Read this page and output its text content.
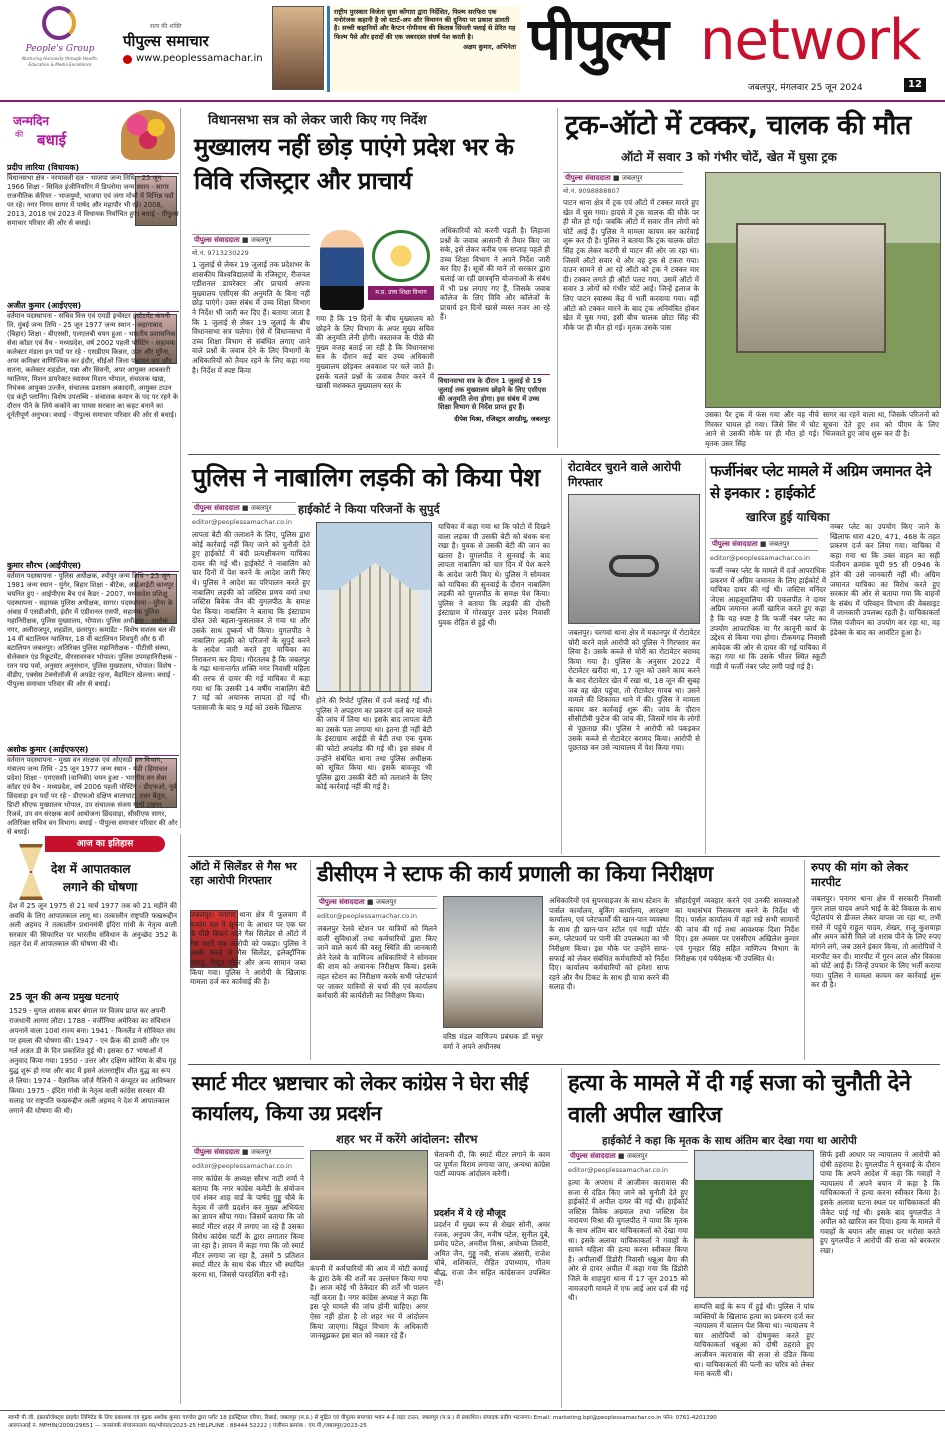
People's Group
Nurturing Humanity through Health, Education & Media Excellence
सत्य की शक्ति
पीपुल्स समाचार
www.peoplessamachar.in
राष्ट्रीय पुरस्कार विजेता सुधा कोंगारा द्वारा निर्देशित, फिल्म सरफिरा एक मनोरंजक कहानी है जो स्टार्ट-अप और विमानन की दुनिया पर प्रकाश डालती है। सच्ची कहानियों और कैप्टन गोपीनाथ की किताब सिंपली फ्लाई से प्रेरित यह फिल्म पैसे और इरादों की एक जबरदस्त संघर्ष पेश करती है।
अक्षय कुमार, अभिनेता पीपुल्स network
जबलपुर, मंगलवार 25 जून 2024	12
जन्मदिन
की बधाई
प्रदीप लारिया (विधायक)
विधानसभा क्षेत्र - नरयावली दल - भाजपा जन्म तिथि - 25 जून 1966 शिक्षा - सिविल इंजीनियरिंग में डिप्लोमा जन्म स्थान - सागर राजनीतिक कॅरियर - भाजयुमो, भाजपा एवं जंगा मोर्चा में विभिन्न पदों पर रहे। नगर निगम सागर में पार्षद और महापौर भी रहे। 2008, 2013, 2018 एवं 2023 में विधायक निर्वाचित हुए। बधाई - पीपुल्स समाचार परिवार की ओर से बधाई।
अजीत कुमार (आईएएस)
वर्तमान पदस्थापना - सचिव वित्त एवं एमडी इन्वेस्टर इंस्टेटमेंट कंपनी लि. मुंबई जन्म तिथि - 25 जून 1977 जन्म स्थान - जहानाबाद (बिहार) शिक्षा - बीएससी, एलएलबी चयन हुआ - भारतीय प्रशासनिक सेवा कॉडर एवं वैच - मध्यप्रदेश, वर्ष 2002 पहली पोस्टिंग - सहायक कलेक्टर मंडला इन पदों पर रहे - एसडीएम किन्नार, उपर और मुरैना, अपर कमिश्नर वाणिज्यिक कर इंदौर, सीईओ जिला पंचायत धार और सतना, कलेक्टर शहडोल, पन्ना और सिवनी, अपर आयुक्त आबकारी ग्वालियर, मिशन डायरेक्टर स्वास्थ्य मिशन भोपाल, संचालक खाद्य, नियंत्रक आयुक्त उज्जैन, संचालक प्रशासन अकादमी, आयुक्त टाउन एंड कंट्री प्लानिंग। विशेष उपलब्धि - संचालक कमान के पद पर रहने के दौरान पीने के लिये ककोने का पायस सरकार का कहट बनाने का दूर्नतीपूर्ण अनुभव। बधाई - पीपुल्स समाचार परिवार की ओर से बधाई।
कुमार सौरभ (आईपीएस)
वर्तमान पदस्थापना - पुलिस अधीक्षक, श्योपुर जन्म तिथि - 25 जून 1981 जन्म स्थान - मुंगेर, बिहार शिक्षा - बीटेक, आईआईटी कानपुर चयनित हुए - आईपीएस बैच एवं कैडर - 2007, मध्यप्रदेश प्रशिक्षु पदस्थापना - सहायक पुलिस अधीक्षक, सागर। पदस्थापना - मुरैना के अंबाह में एसडीओपी, इंदौर में एडीशनल एसपी, सहायक पुलिस महानिरीक्षक, पुलिस मुख्यालय, भोपाल। पुलिस अधीक्षक - अशोक नगर, अलीराजपुर, शहडोल, छतरपुर। कमांडेंट - विशेष सशस्त्र बल की 14 वीं बटालियन ग्वालियर, 18 वीं बटालियन शिवपुरी और 6 वीं बटालियन जबलपुर। अतिरिक्त पुलिस महानिरीक्षक - पीटीसी संस्था, सेलेक्शन एंड रिक्रूटमेंट, वीरसावरकर भोपाल। पुलिस उपमहानिरीक्षक - रतन पद्म पर्वा, अनुसार अनुसंधान, पुलिस मुख्यालय, भोपाल। विशेष - वीडीए, एक्सेस टेक्नोलॉजी से अपडेट रहना, बैडमिंटन खेलना। बधाई - पीपुल्स समाचार परिवार की ओर से बधाई।
अशोक कुमार (आईएफएस)
वर्तमान पदस्थापना - मुख्य वन संरक्षक एवं ओएसडी वन विभाग, मंत्रालय जन्म तिथि - 25 जून 1977 जन्म स्थान - मंडी (हिमाचल प्रदेश) शिक्षा - एमएससी (वानिकी) चयन हुआ - भारतीय वन सेवा कॉडर एवं वैच - मध्यप्रदेश, वर्ष 2006 पहली पोस्टिंग - डीएफओ, पूर्व छिंदवाड़ा इन पदों पर रहे - डीएफओ दक्षिण बालाघाट, उत्तर बैतूल, डिप्टी सीएफ मुख्यालय भोपाल, उप संचालक संजय गांधी टाइगर रिजर्व, उप वन संरक्षक कार्य आयोजना छिंदवाड़ा, सीसीएफ सागर, अतिरिक्त सचिव वन विभाग। बधाई - पीपुल्स समाचार परिवार की ओर से बधाई।
आज का इतिहास
देश में आपातकाल
लगाने की घोषणा
देश में 25 जून 1975 से 21 मार्च 1977 तक को 21 महीने की अवधि के लिए आपातकाल लागू था। तत्कालीन राष्ट्रपति फखरूद्दीन अली अहमद ने तत्कालीन प्रधानमंत्री इंदिरा गांधी के नेतृत्व वाली सरकार की सिफारिश पर भारतीय संविधान के अनुच्छेद 352 के तहत देश में आपातकाल की घोषणा की थी।
25 जून की अन्य प्रमुख घटनाएं
1529 - मुगल शासक बाबर बंगाल पर विजय प्राप्त कर अपनी राजधानी आगरा लौटा। 1788 - वर्जीनिया अमेरिका का संविधान अपनाने वाला 10वां राज्य बना। 1941 - फिनलैंड ने सोवियत संघ पर हमला की घोषणा की। 1947 - एन फ्रैंक की डायरी और एन गर्ल अज्ञत डी के दिन प्रकाशित हुई थी। इसका 67 भाषाओं में अनुवाद किया गया। 1950 - उत्तर और दक्षिण कोरिया के बीच गृह युद्ध शुरू हो गया और बाद में इसने अंतरराष्ट्रीय शीत युद्ध का रूप ले लिया। 1974 - वैज्ञानिक जॉर्ज गैलिनी ने कंप्यूटर का आविष्कार किया। 1975 - इंदिरा गांधी के नेतृत्व वाली कांग्रेस सरकार की सलाह पर राष्ट्रपति फखरूद्दीन अली अहमद ने देश में आपातकाल लगाने की घोषणा की थी।
विधानसभा सत्र को लेकर जारी किए गए निर्देश
मुख्यालय नहीं छोड़ पाएंगे प्रदेश भर के विवि रजिस्ट्रार और प्राचार्य
पीपुल्स संवाददाता ■ जबलपुर
मो.नं. 9713230229
म.प्र. उच्च शिक्षा विभाग
1 जुलाई से लेकर 19 जुलाई तक प्रदेशभर के शासकीय विश्वविद्यालयों के रजिस्ट्रार, रीजनल एडीशनल डायरेक्टर और प्राचार्य अपना मुख्यालय एसीएस की अनुमति के बिना नहीं छोड़ पाएंगे। उक्त संबंध में उच्च शिक्षा विभाग ने निर्देश भी जारी कर दिए हैं। बताया जाता है कि 1 जुलाई से लेकर 19 जुलाई के बीच विधानसभा सत्र चलेगा। ऐसे में विधानसभा में उच्च शिक्षा विभाग से संबंधित लगाए जाने वाले प्रश्नों के जवाब देने के लिए विभागों के अधिकारियों को तैयार रहने के लिए कहा गया है। निर्देश में स्पष्ट किया
गया है कि 19 दिनों के बीच मुख्यालय को छोड़ने के लिए विभाग के अपर मुख्य सचिव की अनुमति लेनी होगी। वस्तावज के पीछे की मुख्य वजह बताई जा रही है कि विधानसभा सत्र के दौरान कई बार उच्च अधिकारी मुख्यालय छोड़कर अवकाश पर चले जाते हैं। इसके चलते प्रश्नों के जवाब तैयार करने में खासी मशक्कत मुख्यालय स्तर के
अधिकारियों को करनी पड़ती है। लिहाजा प्रश्नों के जवाब आसानी से तैयार किए जा सके, इसे लेकर करीब एक सप्ताह पहले ही उच्च शिक्षा विभाग ने अपने निर्देश जारी कर दिए हैं। सूत्रों की मानें तो सरकार द्वारा चलाई जा रही छात्रवृत्ति योजनाओं के संबंध में भी प्रश्न लगाए गए हैं, जिसके जवाब कॉलेज के लिए विवि और कॉलेजों के प्राचार्य इन दिनों खासे व्यस्त नजर आ रहे हैं।
विधानसभा सत्र के दौरान 1 जुलाई से 19 जुलाई तक मुख्यालय छोड़ने के लिए एसीएस की अनुमति लेना होगा। इस संबंध में उच्च शिक्षा विभाग से निर्देश प्राप्त हुए हैं।
दीपेश मिश्रा, रजिस्ट्रार आरडीयू, जबलपुर
ट्रक-ऑटो में टक्कर, चालक की मौत
ऑटो में सवार 3 को गंभीर चोटें, खेत में घुसा ट्रक
पीपुल्स संवाददाता ■ जबलपुर
मो.नं. 9098888807
पाटन थाना क्षेत्र में ट्रक एवं ऑटो में टक्कर मारते हुए खेत में घुस गया। हादसे में ट्रक चालक की मौके पर ही मौत हो गई। जबकि ऑटो में सवार तीन लोगों को चोटें आई हैं। पुलिस ने मामला कायम कर कार्रवाई शुरू कर दी है। पुलिस ने बताया कि ट्रक चालक छोटा सिंह ट्रक लेकर कटंगी से पाटन की ओर जा रहा था। जिसमें ऑटो सवार थे और वह ट्रक से टकरा गया। दाउन सामने से आ रहे ऑटो को ट्रक ने टक्कर मार दी। टक्कर लगते ही ऑटो पलट गया, उसमें ऑटो में सवार 3 लोगों को गंभीर चोटें आईं। जिन्हें इलाज के लिए पाटन स्वास्थ्य केंद्र में भर्ती करवाया गया। वहीं ऑटो को टक्कर मारने के बाद ट्रक अनियंत्रित होकर खेत में घुस गया, इसी बीच चालक छोटा सिंह की मौके पर ही मौत हो गई। मृतक उसके पास
उसका पैर ट्रक में फंस गया और वह नीचे गिरकर घायल हो गया। जिसे सिर में चोट आने से उसकी मौके पर ही मौत हो गई। मृतक उसर सिंह
सागर का रहने वाला था, जिसके परिजनों को सूचना देते हुए शव को पीएम के लिए भिजवाते हुए जांच शुरू कर दी है।
पुलिस ने नाबालिग लड़की को किया पेश
हाईकोर्ट ने किया परिजनों के सुपुर्द
पीपुल्स संवाददाता ■ जबलपुर
editor@peoplessamachar.co.in
लापता बेटी की तलाशने के लिए, पुलिस द्वारा कोई कार्रवाई नहीं किए जाने को चुनौती देते हुए हाईकोर्ट में बंदी प्रत्यक्षीकरण याचिका दायर की गई थी। हाईकोर्ट ने नाबालिग को चार दिनों में पेश करने के आदेश जारी किए थे। पुलिस ने आदेश का परिपालन करते हुए नाबालिग लड़की को जस्टिस प्रणय वर्मा तथा जस्टिस बिवेक जैन की युगलपीठ के समक्ष पेश किया। नाबालिग ने बताया कि इंस्टाग्राम दोस्त उसे बहला-फुसलाकर ले गया था और उसके साथ दुष्कर्म भी किया। युगलपीठ ने नाबालिग लड़की को परिजनों के सुपुर्द करने के आदेश जारी करते हुए याचिका का निराकरण कर दिया। गौरतलब है कि जबलपुर के गढ़ा थानान्तर्गत शक्ति नगर निवासी महिला की तरफ से दायर की गई याचिका में कहा गया था कि उसकी 14 वर्षीय नाबालिग बेटी 7 मई को अचानक लापता हो गई थी। पतासाजी के बाद 9 मई को उसके खिलाफ
होने की रिपोर्ट पुलिस में दर्ज कराई गई थी। पुलिस ने अपहरण का प्रकरण दर्ज कर मामले की जांच में लिया था। इसके बाद लापता बेटी का उसके पता लगाया था। इतना ही नहीं बेटी के इंस्टाग्राम आईडी से बेटी तथा एक युवक की फोटो अपलोड की गई थी। इस संबंध में उन्होंने संबंधित थाना तथा पुलिस अधीक्षक को सूचित किया था। इसके बावजूद भी पुलिस द्वारा उसकी बेटी को तलाशने के लिए कोई कार्रवाई नहीं की गई है।
याचिका में कहा गया था कि फोटो में दिखने वाला लड़का पी उसकी बेटी को बंधक बना रखा है। युवक से उसकी बेटी की जान का खतरा है। युगलपीठ ने सुनवाई के बाद लापता नाबालिग को चार दिन में पेश करने के आदेश जारी किए थे। पुलिस ने सोमवार को याचिका की सुनवाई के दौरान नाबालिग लड़की को युगलपीठ के समक्ष पेश किया। पुलिस ने बताया कि लड़की की दोस्ती इंस्टाग्राम में गोरखपुर उत्तर प्रदेश निवासी युवक रोहित से हुई थी।
रोटावेटर चुराने वाले आरोपी गिरफ्तार
जबलपुर। चरगवां थाना क्षेत्र में मकानपुर में रोटावेटर चोरी करने वाले आरोपी को पुलिस ने गिरफ्तार कर लिया है। उसके कब्जे से चोरी का रोटावेटर बरामद किया गया है। पुलिस के अनुसार 2022 में रोटावेटर खरीदा था, 17 जून को उसने काम करने के बाद रोटावेटर खेत में रखा था, 18 जून की सुबह जब वह खेत पहुंचा, तो रोटावेटर गायब था। उसने मामले की शिकायत थाने में की। पुलिस ने मामला कायम कर कार्रवाई शुरू की। जांच के दौरान सीसीटीवी फुटेज की जांच की, जिसमें गांव के लोगों से पूछताछ की। पुलिस ने आरोपी को पकड़कर उसके कब्जे से रोटावेटर बरामद किया। आरोपी से पूछताछ कर उसे न्यायालय में पेश किया गया।
फर्जीनंबर प्लेट मामले में अग्रिम जमानत देने से इनकार : हाईकोर्ट
खारिज हुई याचिका
पीपुल्स संवाददाता ■ जबलपुर
editor@peoplessamachar.co.in
फर्जी नम्बर प्लेट के मामले में दर्ज आपराधिक प्रकरण में अग्रिम जमानत के लिए हाईकोर्ट में याचिका दायर की गई थी। जस्टिस मनिंदर जेएस आहलूवालिया की एकलपीठ ने दायर अग्रिम जमानत अर्जी खारिज करते हुए कहा है कि यह स्पष्ट है कि फर्जी नंबर प्लेट का उपयोग आपराधिक या गैर कानूनी कार्य के उद्देश्य से किया गया होगा। टीकमगढ़ निवासी आवेदक की ओर से दायर की गई याचिका में कहा गया था कि उसके भीतर स्थित स्कूटी गाड़ी में फर्जी नंबर प्लेट लगी पाई गई है।
नम्बर प्लेट का उपयोग किए जाने के खिलाफ धारा 420, 471, 468 के तहत प्रकरण दर्ज कर लिया गया। याचिका में कहा गया था कि उक्त वाहन का सही पंजीयन क्रमांक यूपी 95 सी 0946 के होने की उसे जानकारी नहीं थी। अग्रिम जमानत याचिका का विरोध करते हुए सरकार की ओर से बताया गया कि वाहनों के संबंध में परिवहन विभाग की वेबसाइट में जानकारी उपलब्ध रहती है। याचिकाकर्ता जिस पंजीयन का उपयोग कर रहा था, वह इंडेक्स के बाद का आवंटित हुआ है।
ऑटो में सिलेंडर से गैस भर रहा आरोपी गिरफ्तार
जबलपुर। पनागर थाना क्षेत्र में फूलवाग में बजरंग दल ने सूचना के आधार पर एक घर के पीछे बिकने वाले गैस सिलेंडर से ऑटो में गैस भरते एक आरोपी को पकड़ा। पुलिस ने उसके कब्जे से गैस सिलेंडर, इलेक्ट्रॉनिक तराजू, विद्युत मोटर और अन्य सामान जब्त किया गया। पुलिस ने आरोपी के खिलाफ मामला दर्ज कर कार्रवाई की है।
डीसीएम ने स्टाफ की कार्य प्रणाली का किया निरीक्षण
पीपुल्स संवाददाता ■ जबलपुर
editor@peoplessamachar.co.in
जबलपुर रेलवे स्टेशन पर यात्रियों को मिलने वाली सुविधाओं तथा कर्मचारियों द्वारा किए जाने वाले कार्य की वस्तु स्थिति की जानकारी लेने रेलवे के वाणिज्य अधिकारियों ने सोमवार की शाम को अचानक निरीक्षण किया। इसके तहत स्टेशन का निरीक्षण करके सभी प्लेटफार्म पर जाकर यात्रियों से चर्चा की एवं कार्यालय कर्मचारी की कार्यशैली का निरीक्षण किया।
वरिष्ठ मंडल वाणिज्य प्रबंधक डॉ मधुर वर्मा ने अपने अधीनस्थ
अधिकारियों एवं सुपरवाइजर के साथ स्टेशन के पार्सल कार्यालय, बुकिंग कार्यालय, आरक्षण कार्यालय, एवं प्लेटफार्मों की खान-पान व्यवस्था के साथ ही खान-पान स्टॉल एवं गाड़ी पोर्टर रूम, प्लेटफार्म पर पानी की उपलब्धता का भी निरीक्षण किया। इस मौके पर उन्होंने साफ-सफाई को लेकर संबंधित कर्मचारियों को निर्देश दिए। कार्यालय कर्मचारियों को हमेशा साफ रहने और वैध टिकट के साथ ही यात्रा करने की सलाह दी।
सौहार्दपूर्ण व्यवहार करने एवं उनकी समस्याओं का यथासंभव निराकरण करने के निर्देश भी दिए। पार्सल कार्यालय में वहां रखे सभी सामानों की जांच की गई तथा आवश्यक दिशा निर्देश दिए। इस अवसर पर एससीएम अखिलेश कुमार एवं गुनहार सिंह सहित वाणिज्य विभाग के निरीक्षक एवं पर्यवेक्षक भी उपस्थित थे।
रुपए की मांग को लेकर मारपीट
जबलपुर। पनागर थाना क्षेत्र में सरकारी निवासी गुरन लाल यादव अपने भाई के बेटे विकास के साथ पेट्रोलपंप से डीजल लेकर वापस जा रहा था, तभी रास्ते में पहुंचे राहुल यादव, शेखर, राजू कुशवाहा और अमन कोरी मिले जो शराब पीने के लिए रुपए मांगने लगे, जब उसने इंकार किया, तो आरोपियों ने मारपीट कर दी। मारपीट में गुरन लाल और विकास को चोटें आई हैं। जिन्हें उपचार के लिए भर्ती कराया गया। पुलिस ने मामला कायम कर कार्रवाई शुरू कर दी है।
स्मार्ट मीटर भ्रष्टाचार को लेकर कांग्रेस ने घेरा सीई कार्यालय, किया उग्र प्रदर्शन
शहर भर में करेंगे आंदोलन: सौरभ
पीपुल्स संवाददाता ■ जबलपुर
editor@peoplessamachar.co.in
नगर कांग्रेस के अध्यक्ष सौरभ नाटी शर्मा ने बताया कि नगर कांग्रेस कमेटी के संयोजन एवं शंकर शाह वार्ड के पार्षद गुड्डू चौबे के नेतृत्व में जंगी प्रदर्शन कर मुख्य अभियंता का ज्ञापन सौंपा गया। जिसमें बताया कि जो स्मार्ट मीटर शहर में लगाए जा रहे हैं उसका विरोध कांग्रेस पार्टी के द्वारा लगातार किया जा रहा है। ज्ञापन में कहा गया कि जो स्मार्ट मीटर लगाया जा रहा है, उसमें 5 प्रतिशत स्मार्ट मीटर के साथ चेक मीटर भी स्थापित करना था, जिससे पारदर्शिता बनी रहे।
कंपनी में कर्मचारियों की आय में मोटी कमाई के द्वारा ठेके की शर्तों का उल्लंघन किया गया है। आज कोई भी ठेकेदार की शर्तें भी पालन नहीं करता है। नगर कांग्रेस अध्यक्ष ने कहा कि इस पूरे मामले की जांच होनी चाहिए। अगर ऐसा नहीं होता है तो शहर भर में आंदोलन किया जाएगा। विद्युत विभाग के अधिकारी जानबूझकर इस बात को नकार रहे हैं।
चेतावनी दी, कि स्मार्ट मीटर लगाने के काम पर पूर्णतः विराम लगाया जाए, अन्यथा कांग्रेस पार्टी व्यापक आंदोलन करेगी।
प्रदर्शन में ये रहे मौजूद
प्रदर्शन में मुख्य रूप से शेखर सोनी, अमर रजक, अनुपम जैन, मनीष पटेल, सुनील दुबे, प्रमोद पटेल, अमरीश मिश्रा, अयोध्या तिवारी, अमित जैन, गुड्डू नबी, संजय अंसारी, राजेश चौबे, शशिकांत, रोहित उपाध्याय, गौतम बौद्ध, राजा जैन सहित कांग्रेसजन उपस्थित रहे।
हत्या के मामले में दी गई सजा को चुनौती देने वाली अपील खारिज
हाईकोर्ट ने कहा कि मृतक के साथ अंतिम बार देखा गया था आरोपी
पीपुल्स संवाददाता ■ जबलपुर
editor@peoplessamachar.co.in
हत्या के अपराध में आजीवन कारावास की सजा से दंडित किए जाने को चुनौती देते हुए हाईकोर्ट में अपील दायर की गई थी। हाईकोर्ट जस्टिस विवेक अग्रवाल तथा जस्टिस देव नारायण मिश्रा की युगलपीठ ने पाया कि मृतक के साथ अंतिम बार याचिकाकर्ता को देखा गया था। इसके अलावा याचिकाकर्ता ने गवाहों के सामने महिला की हत्या करना स्वीकार किया है। अपीलार्थी डिंडोरी निवासी धन्नूआ बैगा की ओर से दायर अपील में कहा गया कि डिंडोरी जिले के शाहपुरा थाना में 17 जून 2015 को नामजदगी मामले में एफ आई आर दर्ज की गई थी।
सम्पत्ति बाई के रूप में हुई थी। पुलिस ने पांच व्यक्तियों के खिलाफ हत्या का प्रकरण दर्ज कर न्यायालय में चालान पेश किया था। न्यायालय ने चार आरोपियों को दोषमुक्त करते हुए याचिकाकर्ता धन्नूआ को दोषी ठहराते हुए आजीवन कारावास की सजा से दंडित किया था। याचिकाकर्ता की पत्नी का चरित्र को लेकर मना करती थी।
सिर्फ इसी आधार पर न्यायालय ने आरोपी को दोषी ठहराया है। युगलपीठ ने सुनवाई के दौरान पाया कि अपने आदेश में कहा कि गवाहों ने न्यायालय में अपने बयान में कहा है कि याचिकाकर्ता ने हत्या करना स्वीकार किया है। इसके अलावा घटना स्थल पर याचिकाकर्ता की जैकेट पाई गई थी। इसके बाद युगलपीठ ने अपील को खारिज कर दिया। हत्या के मामले में गवाहों के बयान और साक्ष्य पर भरोसा करते हुए युगलपीठ ने आरोपी की सजा को बरकरार रखा।
स्वामी पी.जी. इंफ्राप्रोजेक्ट्स प्राइवेट लिमिटेड के लिए प्रकाशक एवं मुद्रक अशोक कुमार पाण्डेय द्वारा प्लॉट 18 इंडस्ट्रियल एरिया, रिछाई, जबलपुर (म.प्र.) से मुद्रित एवं पीपुल्स समाचार भवन 4-ई राइट टाउन, जबलपुर (म.प्र.) से प्रकाशित। संपादक प्रदीप भटनागर। Email: marketing.bpl@peoplessamachar.co.in फोन: 0761-4201390
आरएनआई नं. MPHIN/2009/29651 — जनसंपर्क संचालनालय मप्र/भोपाल/2023-25 HELPLINE : 88444 52222 | पंजीयन क्रमांक : एम.पी./जबलपुर/2023-25
